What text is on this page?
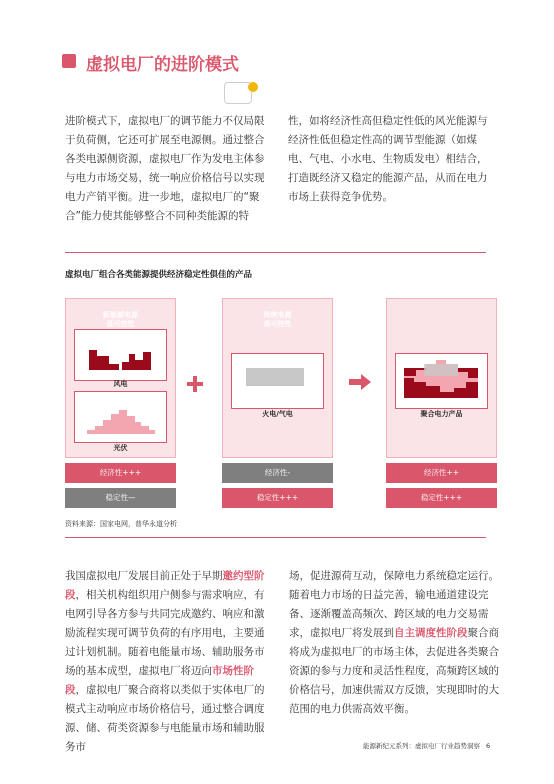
虚拟电厂的进阶模式
进阶模式下，虚拟电厂的调节能力不仅局限于负荷侧，它还可扩展至电源侧。通过整合各类电源侧资源，虚拟电厂作为发电主体参与电力市场交易，统一响应价格信号以实现电力产销平衡。进一步地，虚拟电厂的“聚合”能力使其能够整合不同种类能源的特
性，如将经济性高但稳定性低的风光能源与经济性低但稳定性高的调节型能源（如煤电、气电、小水电、生物质发电）相结合，打造既经济又稳定的能源产品，从而在电力市场上获得竞争优势。
虚拟电厂组合各类能源提供经济稳定性俱佳的产品
新能源电源
低可控性
风电
光伏
传统电源
高可控性
火电/气电	聚合电力产品
经济性+++
稳定性—
经济性-
稳定性+++
经济性++
稳定性+++
资料来源：国家电网，普华永道分析
我国虚拟电厂发展目前正处于早期邀约型阶段，相关机构组织用户侧参与需求响应，有电网引导各方参与共同完成邀约、响应和激励流程实现可调节负荷的有序用电，主要通过计划机制。随着电能量市场、辅助服务市场的基本成型，虚拟电厂将迈向市场性阶段，虚拟电厂聚合商将以类似于实体电厂的模式主动响应市场价格信号，通过整合调度源、储、荷类资源参与电能量市场和辅助服务市
场，促进源荷互动，保障电力系统稳定运行。随着电力市场的日益完善，输电通道建设完备、逐渐覆盖高频次、跨区域的电力交易需求，虚拟电厂将发展到自主调度性阶段聚合商将成为虚拟电厂的市场主体，去促进各类聚合资源的参与力度和灵活性程度，高频跨区域的价格信号，加速供需双方反馈，实现即时的大范围的电力供需高效平衡。
能源新纪元系列：虚拟电厂行业趋势洞察 6
